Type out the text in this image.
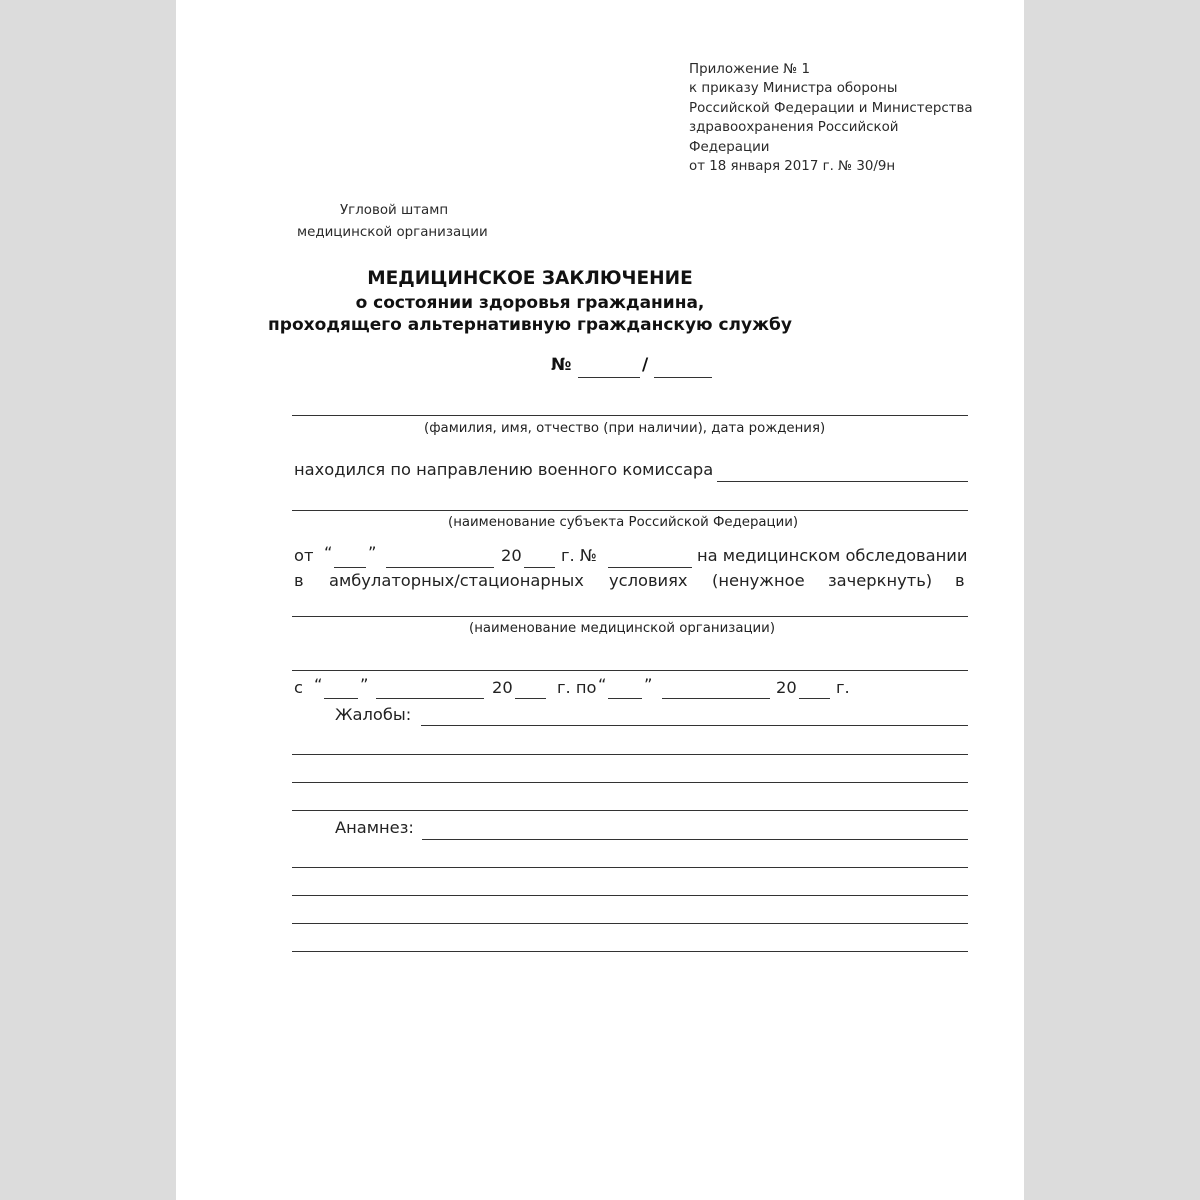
Приложение № 1
к приказу Министра обороны
Российской Федерации и Министерства
здравоохранения Российской
Федерации
от 18 января 2017 г. № 30/9н
Угловой штамп
медицинской организации
МЕДИЦИНСКОЕ ЗАКЛЮЧЕНИЕ
о состоянии здоровья гражданина,
проходящего альтернативную гражданскую службу
№	/
(фамилия, имя, отчество (при наличии), дата рождения)
находился по направлению военного комиссара
(наименование субъекта Российской Федерации)
от “ ”	20 г. №	на медицинском обследовании
в амбулаторных/стационарных условиях (ненужное зачеркнуть) в
(наименование медицинской организации)
с “ ”	20	г. по “ ”	20 г.
Жалобы:
Анамнез:
